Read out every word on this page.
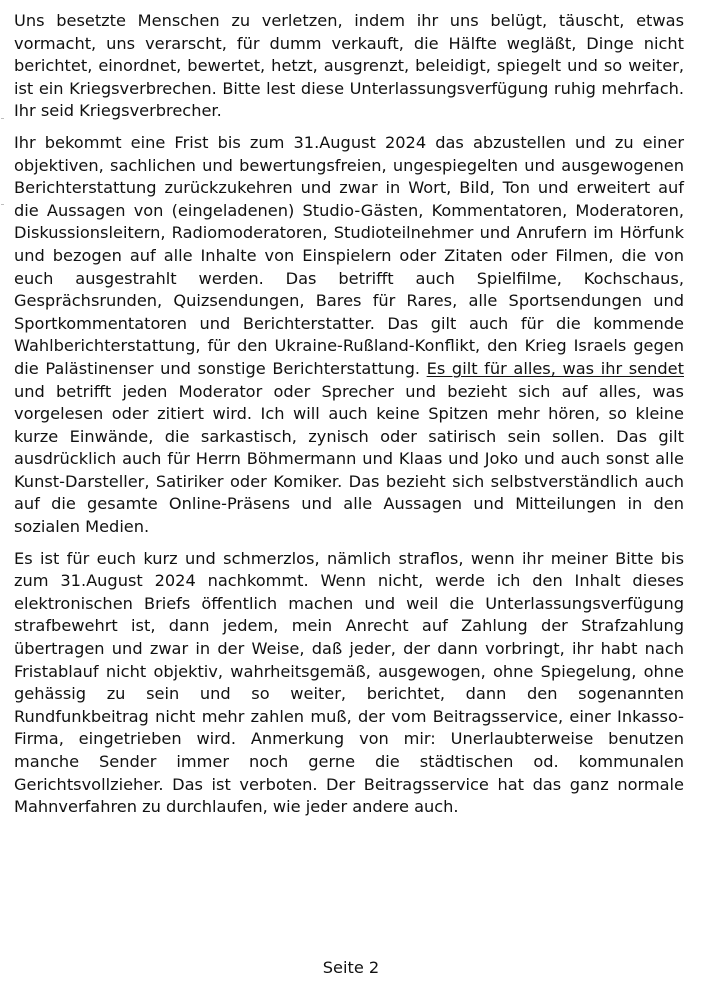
Uns besetzte Menschen zu verletzen, indem ihr uns belügt, täuscht, etwas vormacht, uns verarscht, für dumm verkauft, die Hälfte wegläßt, Dinge nicht berichtet, einordnet, bewertet, hetzt, ausgrenzt, beleidigt, spiegelt und so weiter, ist ein Kriegsverbrechen. Bitte lest diese Unterlassungsverfügung ruhig mehrfach. Ihr seid Kriegsverbrecher.

Ihr bekommt eine Frist bis zum 31.August 2024 das abzustellen und zu einer objektiven, sachlichen und bewertungsfreien, ungespiegelten und ausgewogenen Berichterstattung zurückzukehren und zwar in Wort, Bild, Ton und erweitert auf die Aussagen von (eingeladenen) Studio-Gästen, Kommentatoren, Moderatoren, Diskussionsleitern, Radiomoderatoren, Studioteilnehmer und Anrufern im Hörfunk und bezogen auf alle Inhalte von Einspielern oder Zitaten oder Filmen, die von euch ausgestrahlt werden. Das betrifft auch Spielfilme, Kochschaus, Gesprächsrunden, Quizsendungen, Bares für Rares, alle Sportsendungen und Sportkommentatoren und Berichterstatter. Das gilt auch für die kommende Wahlberichterstattung, für den Ukraine-Rußland-Konflikt, den Krieg Israels gegen die Palästinenser und sonstige Berichterstattung. Es gilt für alles, was ihr sendet und betrifft jeden Moderator oder Sprecher und bezieht sich auf alles, was vorgelesen oder zitiert wird. Ich will auch keine Spitzen mehr hören, so kleine kurze Einwände, die sarkastisch, zynisch oder satirisch sein sollen. Das gilt ausdrücklich auch für Herrn Böhmermann und Klaas und Joko und auch sonst alle Kunst-Darsteller, Satiriker oder Komiker. Das bezieht sich selbstverständlich auch auf die gesamte Online-Präsens und alle Aussagen und Mitteilungen in den sozialen Medien.

Es ist für euch kurz und schmerzlos, nämlich straflos, wenn ihr meiner Bitte bis zum 31.August 2024 nachkommt. Wenn nicht, werde ich den Inhalt dieses elektronischen Briefs öffentlich machen und weil die Unterlassungsverfügung strafbewehrt ist, dann jedem, mein Anrecht auf Zahlung der Strafzahlung übertragen und zwar in der Weise, daß jeder, der dann vorbringt, ihr habt nach Fristablauf nicht objektiv, wahrheitsgemäß, ausgewogen, ohne Spiegelung, ohne gehässig zu sein und so weiter, berichtet, dann den sogenannten Rundfunkbeitrag nicht mehr zahlen muß, der vom Beitragsservice, einer Inkasso-Firma, eingetrieben wird. Anmerkung von mir: Unerlaubterweise benutzen manche Sender immer noch gerne die städtischen od. kommunalen Gerichtsvollzieher. Das ist verboten. Der Beitragsservice hat das ganz normale Mahnverfahren zu durchlaufen, wie jeder andere auch.

Seite 2
